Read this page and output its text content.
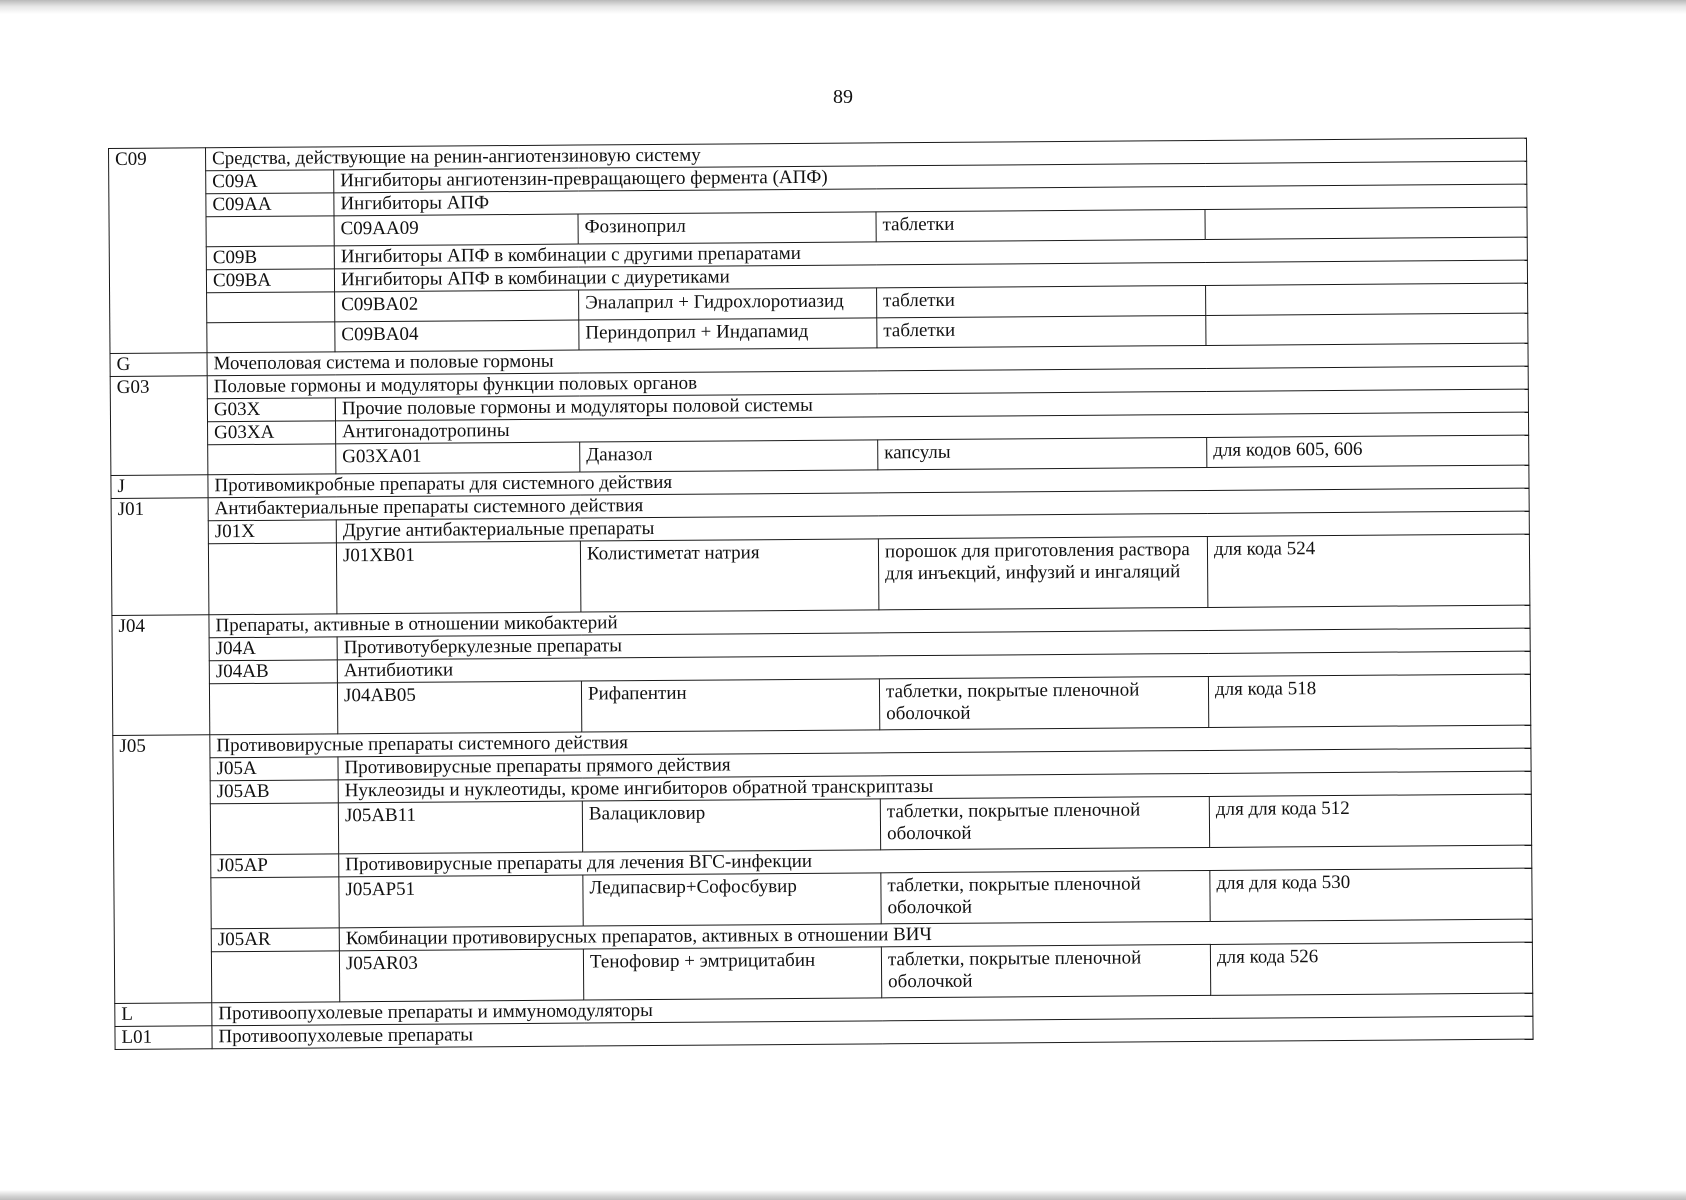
89
C09	Средства, действующие на ренин-ангиотензиновую систему				
	C09A	Ингибиторы ангиотензин-превращающего фермента (АПФ)			
	C09AA	Ингибиторы АПФ			
		C09AA09	Фозиноприл	таблетки	
	C09B	Ингибиторы АПФ в комбинации с другими препаратами			
	C09BA	Ингибиторы АПФ в комбинации с диуретиками			
		C09BA02	Эналаприл + Гидрохлоротиазид	таблетки	
		C09BA04	Периндоприл + Индапамид	таблетки	
G	Мочеполовая система и половые гормоны				
G03	Половые гормоны и модуляторы функции половых органов				
	G03X	Прочие половые гормоны и модуляторы половой системы			
	G03XA	Антигонадотропины			
		G03XA01	Даназол	капсулы	для кодов 605, 606
J	Противомикробные препараты для системного действия				
J01	Антибактериальные препараты системного действия				
	J01X	Другие антибактериальные препараты			
		J01XB01	Колистиметат натрия	порошок для приготовления раствора для инъекций, инфузий и ингаляций	для кода 524
J04	Препараты, активные в отношении микобактерий				
	J04A	Противотуберкулезные препараты			
	J04AB	Антибиотики			
		J04AB05	Рифапентин	таблетки, покрытые пленочной оболочкой	для кода 518
J05	Противовирусные препараты системного действия				
	J05A	Противовирусные препараты прямого действия			
	J05AB	Нуклеозиды и нуклеотиды, кроме ингибиторов обратной транскриптазы			
		J05AB11	Валацикловир	таблетки, покрытые пленочной оболочкой	для для кода 512
	J05AP	Противовирусные препараты для лечения ВГС-инфекции			
		J05AP51	Ледипасвир+Софосбувир	таблетки, покрытые пленочной оболочкой	для для кода 530
	J05AR	Комбинации противовирусных препаратов, активных в отношении ВИЧ			
		J05AR03	Тенофовир + эмтрицитабин	таблетки, покрытые пленочной оболочкой	для кода 526
L	Противоопухолевые препараты и иммуномодуляторы				
L01	Противоопухолевые препараты				
